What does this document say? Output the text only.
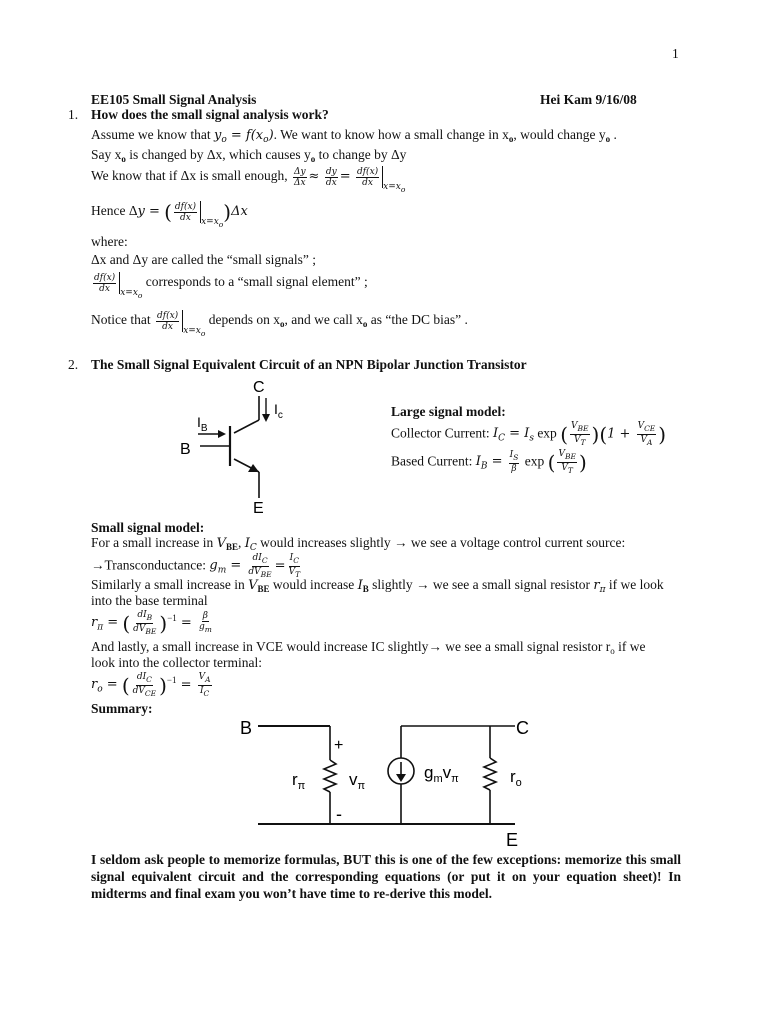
1
EE105 Small Signal Analysis	Hei Kam 9/16/08
1. How does the small signal analysis work?
Assume we know that $y_o = f(x_o)$. We want to know how a small change in $x_o$, would change $y_o$ .
Say $x_o$ is changed by Δx, which causes $y_o$ to change by Δy
We know that if Δx is small enough, $\frac{\Delta y}{\Delta x} \approx \frac{dy}{dx} = \frac{df(x)}{dx} _{x=x_o}$
Hence Δy = ( $\frac{df(x)}{dx} _{x=x_o})\Delta x$
where:
Δx and Δy are called the “small signals” ;
$\frac{df(x)}{dx} _{x=x_o}$ corresponds to a “small signal element” ;
Notice that $\frac{df(x)}{dx} _{x=x_o}$ depends on $x_o$, and we call $x_o$ as “the DC bias” .
2. The Small Signal Equivalent Circuit of an NPN Bipolar Junction Transistor
C
B
E
$I_B$
$I_c$	Large signal model:
Collector Current: $I_C = I_s$ exp ( $\frac{V_{BE}}{V_T} )(1 + \frac{V_{CE}}{V_A}$ )
Based Current: $I_B = \frac{I_S}{\beta}$ exp ( $\frac{V_{BE}}{V_T}$ )
Small signal model:
For a small increase in $V_{BE}$, $I_C$ would increases slightly → we see a voltage control current source:
→Transconductance: $g_m = \frac{dI_C}{dV_{BE}} = \frac{I_C}{V_T}$
Similarly a small increase in $V_{BE}$ would increase $I_B$ slightly → we see a small signal resistor $r_\pi$ if we look
into the base terminal
$r_\pi$ = ( $\frac{dI_B}{dV_{BE}} )^{-1} = \frac{\beta}{g_m}$
And lastly, a small increase in VCE would increase IC slightly→ we see a small signal resistor $r_o$ if we
look into the collector terminal:
$r_o$ = ( $\frac{dI_C}{dV_{CE}} )^{-1} = \frac{V_A}{I_C}$
Summary:
B	C
E
+
-
$r_\pi$	$v_\pi$
$g_mv_\pi$	$r_o$
I seldom ask people to memorize formulas, BUT this is one of the few exceptions: memorize this small signal equivalent circuit and the corresponding equations (or put it on your equation sheet)! In midterms and final exam you won’t have time to re-derive this model.
